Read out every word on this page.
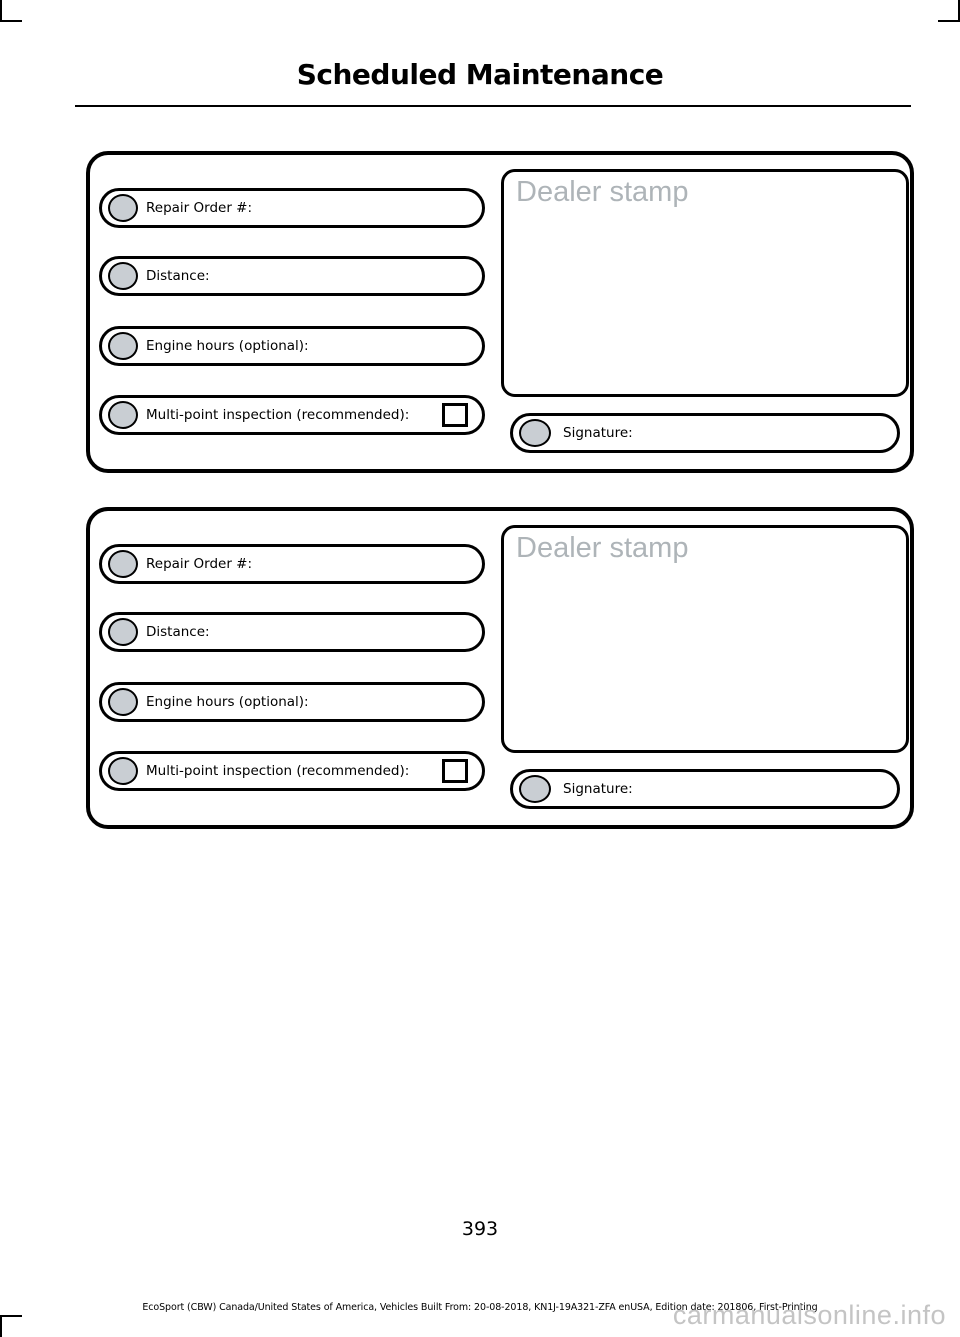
Scheduled Maintenance
Repair Order #:
Distance:
Engine hours (optional):
Multi-point inspection (recommended):
Dealer stamp
Signature:
Repair Order #:
Distance:
Engine hours (optional):
Multi-point inspection (recommended):
Dealer stamp
Signature:
393
EcoSport (CBW) Canada/United States of America, Vehicles Built From: 20-08-2018, KN1J-19A321-ZFA enUSA, Edition date: 201806, First-Printing
carmanualsonline.info
